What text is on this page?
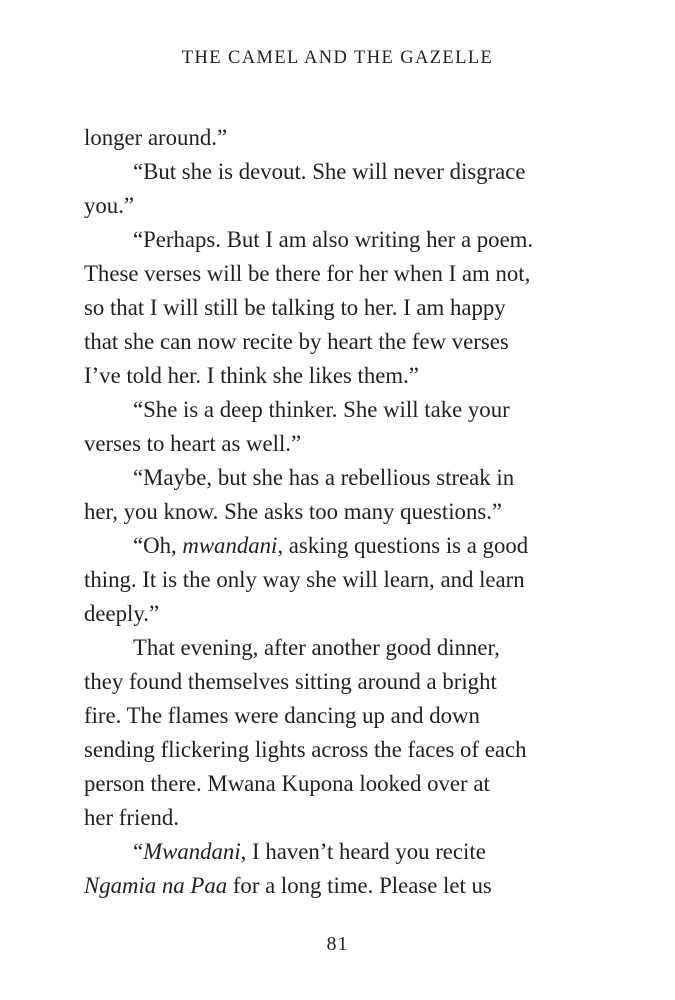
THE CAMEL AND THE GAZELLE
longer around.”
“But she is devout. She will never disgrace
you.”
“Perhaps. But I am also writing her a poem.
These verses will be there for her when I am not,
so that I will still be talking to her. I am happy
that she can now recite by heart the few verses
I’ve told her. I think she likes them.”
“She is a deep thinker. She will take your
verses to heart as well.”
“Maybe, but she has a rebellious streak in
her, you know. She asks too many questions.”
“Oh, mwandani, asking questions is a good
thing. It is the only way she will learn, and learn
deeply.”
That evening, after another good dinner,
they found themselves sitting around a bright
fire. The flames were dancing up and down
sending flickering lights across the faces of each
person there. Mwana Kupona looked over at
her friend.
“Mwandani, I haven’t heard you recite
Ngamia na Paa for a long time. Please let us
81
